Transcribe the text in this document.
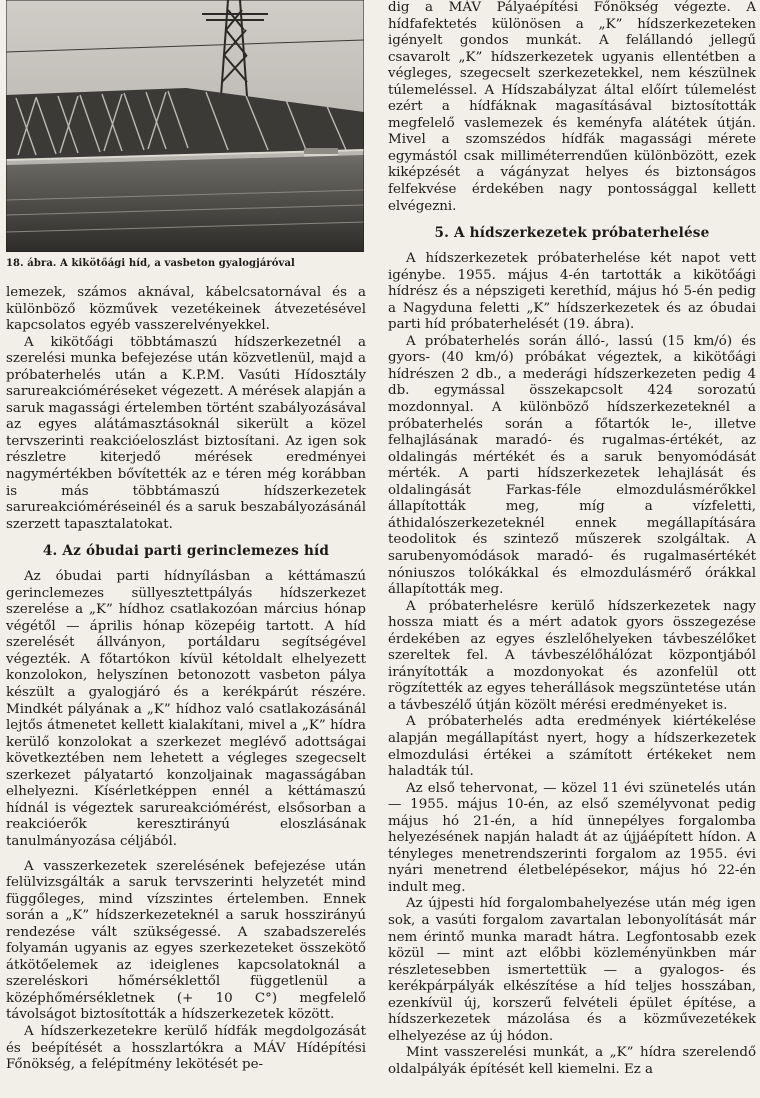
18. ábra. A kikötőági híd, a vasbeton gyalogjáróval

lemezek, számos aknával, kábelcsatornával és a különböző közművek vezetékeinek átvezetésével kapcsolatos egyéb vasszerelvényekkel.

A kikötőági többtámaszú hídszerkezetnél a szerelési munka befejezése után közvetlenül, majd a próbaterhelés után a K.P.M. Vasúti Hídosztály sarureakcióméréseket végezett. A mérések alapján a saruk magassági értelemben történt szabályozásával az egyes alátámasztásoknál sikerült a közel tervszerinti reakcióeloszlást biztosítani. Az igen sok részletre kiterjedő mérések eredményei nagymértékben bővítették az e téren még korábban is más többtámaszú hídszerkezetek sarureakcióméréseinél és a saruk beszabályozásánál szerzett tapasztalatokat.

4. Az óbudai parti gerinclemezes híd

Az óbudai parti hídnyílásban a kéttámaszú gerinclemezes süllyesztettpályás hídszerkezet szerelése a „K” hídhoz csatlakozóan március hónap végétől — április hónap közepéig tartott. A híd szerelését állványon, portáldaru segítségével végezték. A főtartókon kívül kétoldalt elhelyezett konzolokon, helyszínen betonozott vasbeton pálya készült a gyalogjáró és a kerékpárút részére. Mindkét pályának a „K” hídhoz való csatlakozásánál lejtős átmenetet kellett kialakítani, mivel a „K” hídra kerülő konzolokat a szerkezet meglévő adottságai következtében nem lehetett a végleges szegecselt szerkezet pályatartó konzoljainak magasságában elhelyezni. Kísérletképpen ennél a kéttámaszú hídnál is végeztek sarureakciómérést, elsősorban a reakcióerők keresztirányú eloszlásának tanulmányozása céljából.

A vasszerkezetek szerelésének befejezése után felülvizsgálták a saruk tervszerinti helyzetét mind függőleges, mind vízszintes értelemben. Ennek során a „K” hídszerkezeteknél a saruk hosszirányú rendezése vált szükségessé. A szabadszerelés folyamán ugyanis az egyes szerkezeteket összekötő átkötőelemek az ideiglenes kapcsolatoknál a szereléskori hőmérséklettől függetlenül a középhőmérsékletnek (+ 10 C°) megfelelő távolságot biztosították a hídszerkezetek között.

A hídszerkezetekre kerülő hídfák megdolgozását és beépítését a hosszlartókra a MÁV Hídépítési Főnökség, a felépítmény lekötését pe-

dig a MÁV Pályaépítési Főnökség végezte. A hídfafektetés különösen a „K” hídszerkezeteken igényelt gondos munkát. A felállandó jellegű csavarolt „K” hídszerkezetek ugyanis ellentétben a végleges, szegecselt szerkezetekkel, nem készülnek túlemeléssel. A Hídszabályzat által előírt túlemelést ezért a hídfáknak magasításával biztosították megfelelő vaslemezek és keményfa alátétek útján. Mivel a szomszédos hídfák magassági mérete egymástól csak milliméterrendűen különbözött, ezek kiképzését a vágányzat helyes és biztonságos felfekvése érdekében nagy pontossággal kellett elvégezni.

5. A hídszerkezetek próbaterhelése

A hídszerkezetek próbaterhelése két napot vett igénybe. 1955. május 4-én tartották a kikötőági hídrész és a népszigeti kerethíd, május hó 5-én pedig a Nagyduna feletti „K” hídszerkezetek és az óbudai parti híd próbaterhelését (19. ábra).

A próbaterhelés során álló-, lassú (15 km/ó) és gyors- (40 km/ó) próbákat végeztek, a kikötőági hídrészen 2 db., a mederági hídszerkezeten pedig 4 db. egymással összekapcsolt 424 sorozatú mozdonnyal. A különböző hídszerkezeteknél a próbaterhelés során a főtartók le-, illetve felhajlásának maradó- és rugalmas-értékét, az oldalingás mértékét és a saruk benyomódását mérték. A parti hídszerkezetek lehajlását és oldalingását Farkas-féle elmozdulásmérőkkel állapították meg, míg a vízfeletti, áthidalószerkezeteknél ennek megállapítására teodolitok és szintező műszerek szolgáltak. A sarubenyomódások maradó- és rugalmasértékét nóniuszos tolókákkal és elmozdulásmérő órákkal állapították meg.

A próbaterhelésre kerülő hídszerkezetek nagy hossza miatt és a mért adatok gyors összegezése érdekében az egyes észlelőhelyeken távbeszélőket szereltek fel. A távbeszélőhálózat központjából irányították a mozdonyokat és azonfelül ott rögzítették az egyes teherállások megszüntetése után a távbeszélő útján közölt mérési eredményeket is.

A próbaterhelés adta eredmények kiértékelése alapján megállapítást nyert, hogy a hídszerkezetek elmozdulási értékei a számított értékeket nem haladták túl.

Az első tehervonat, — közel 11 évi szünetelés után — 1955. május 10-én, az első személyvonat pedig május hó 21-én, a híd ünnepélyes forgalomba helyezésének napján haladt át az újjáépített hídon. A tényleges menetrendszerinti forgalom az 1955. évi nyári menetrend életbelépésekor, május hó 22-én indult meg.

Az újpesti híd forgalombahelyezése után még igen sok, a vasúti forgalom zavartalan lebonyolítását már nem érintő munka maradt hátra. Legfontosabb ezek közül — mint azt előbbi közleményünkben már részletesebben ismertettük — a gyalogos- és kerékpárpályák elkészítése a híd teljes hosszában, ezenkívül új, korszerű felvételi épület építése, a hídszerkezetek mázolása és a közművezetékek elhelyezése az új hódon.

Mint vasszerelési munkát, a „K” hídra szerelendő oldalpályák építését kell kiemelni. Ez a
